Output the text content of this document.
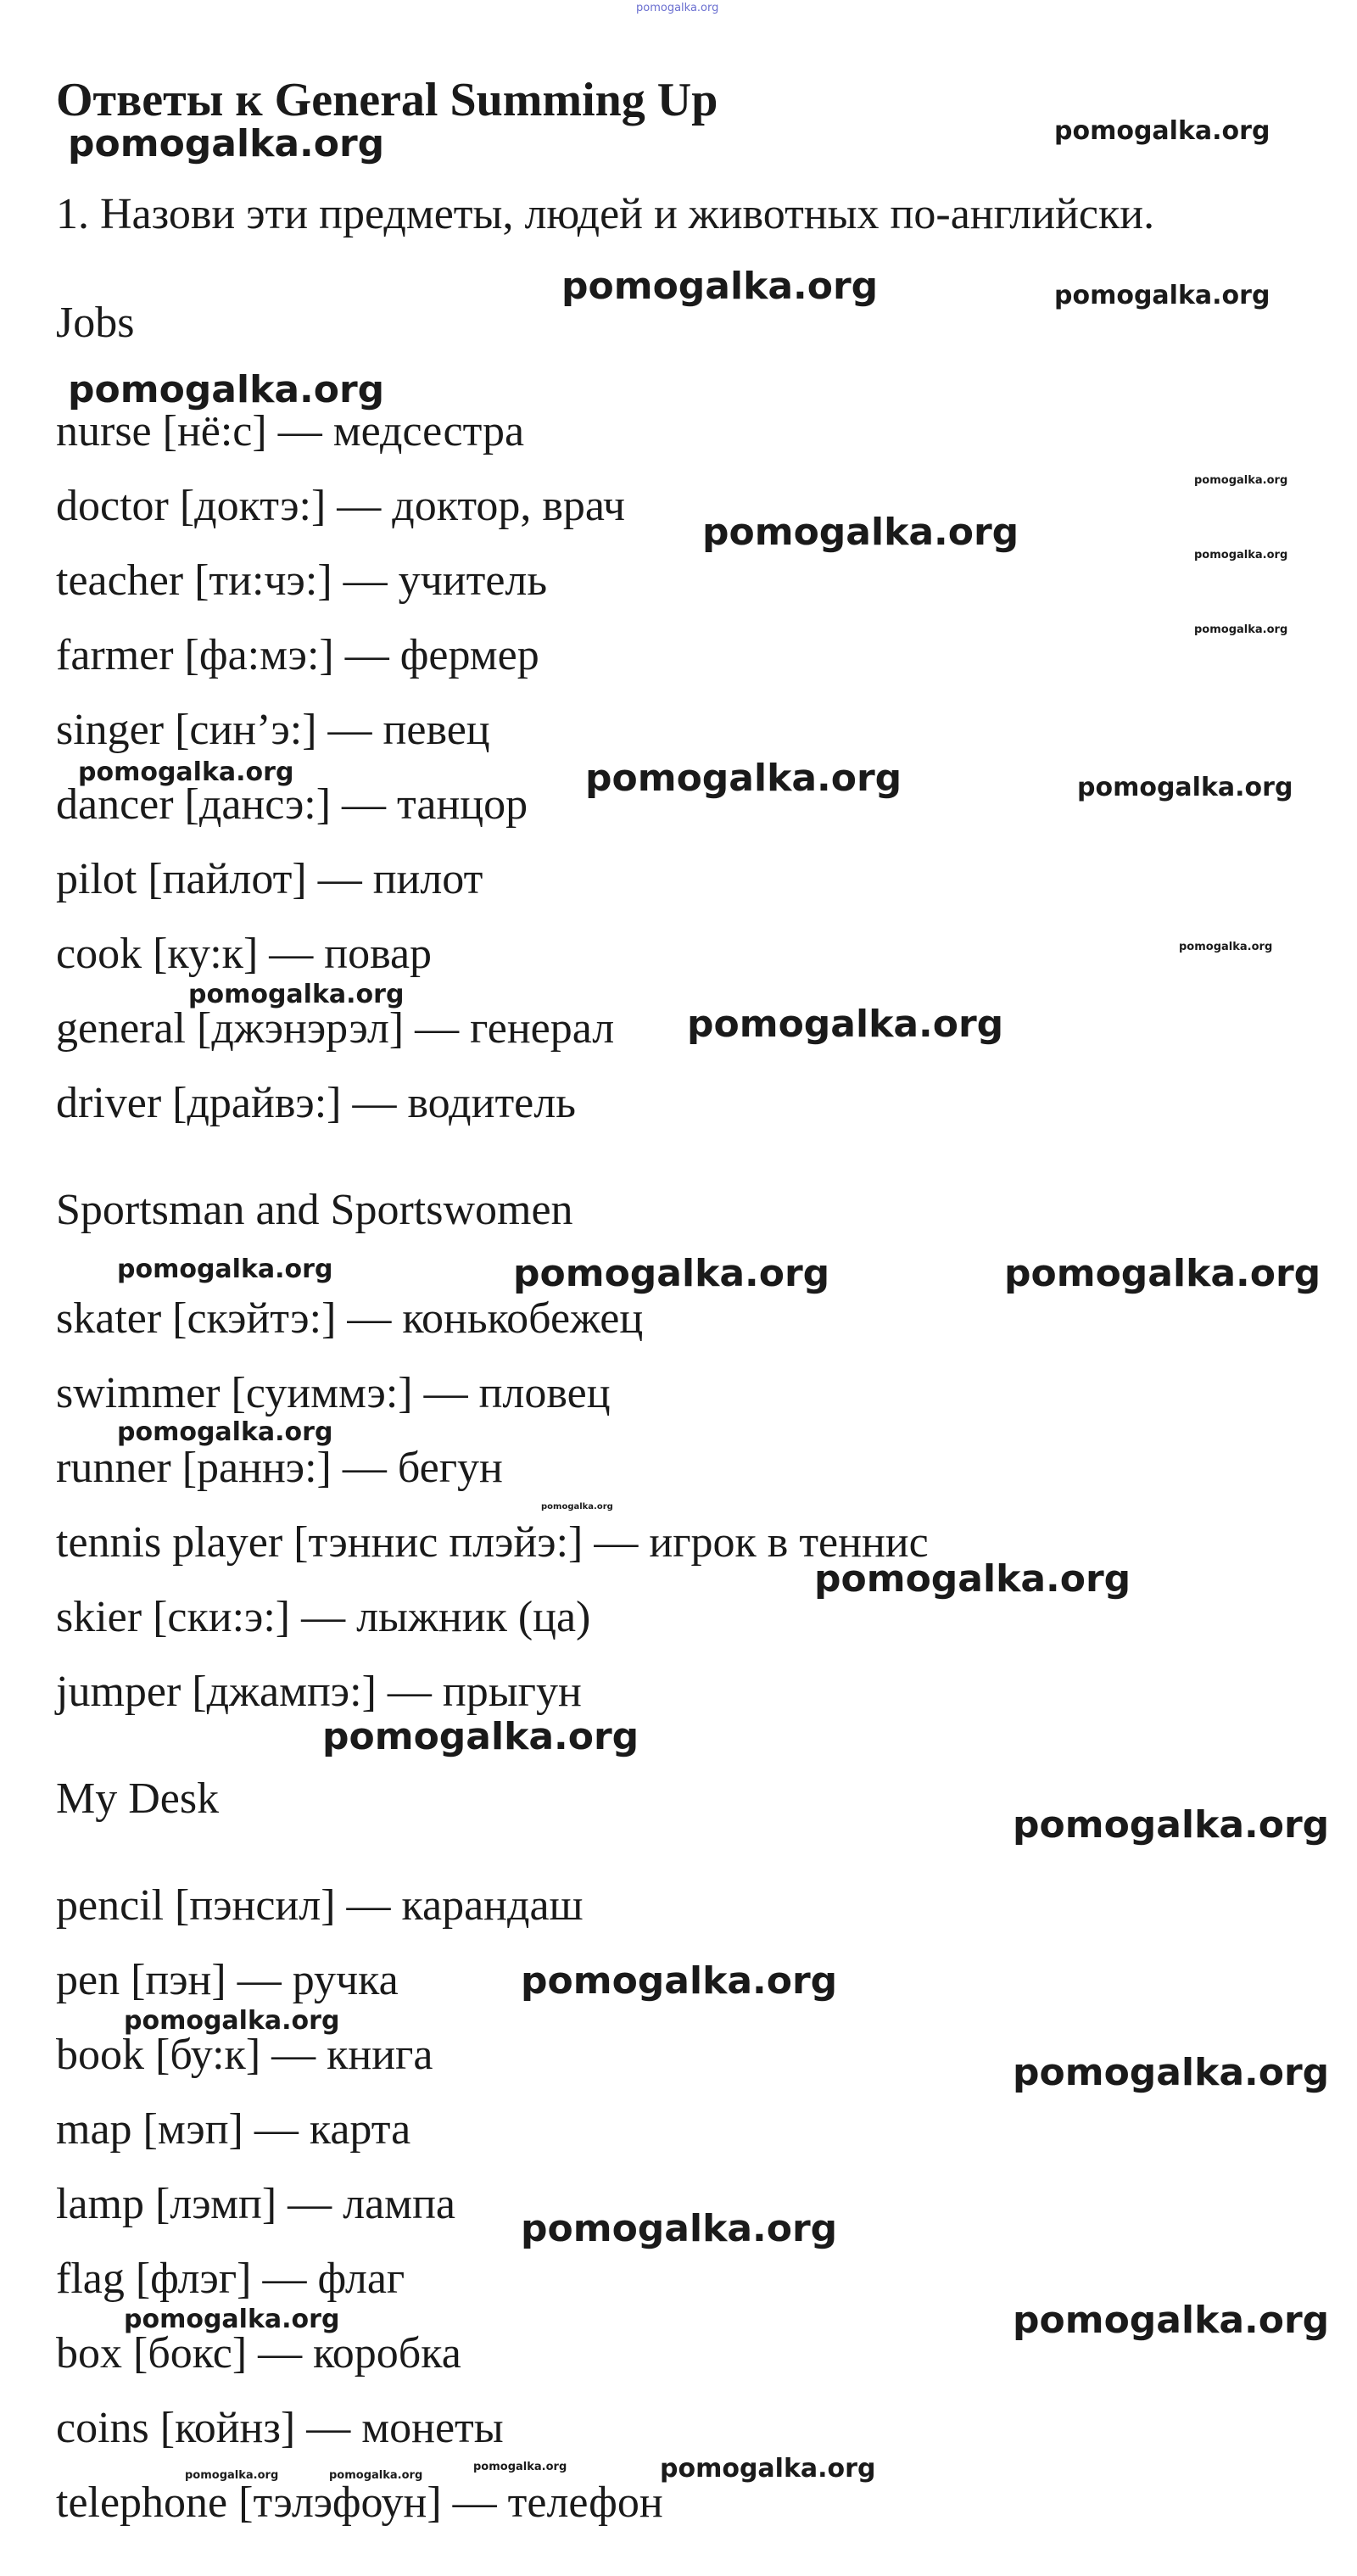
pomogalka.org
Ответы к General Summing Up
pomogalka.org
pomogalka.org
1. Назови эти предметы, людей и животных по-английски.
Jobs
pomogalka.org	pomogalka.org
pomogalka.org
nurse [нё:с] — медсестра
doctor [доктэ:] — доктор, врач
pomogalka.org
pomogalka.org
teacher [ти:чэ:] — учитель
pomogalka.org
farmer [фа:мэ:] — фермер
pomogalka.org
singer [син’э:] — певец
pomogalka.org	pomogalka.org	pomogalka.org
dancer [дансэ:] — танцор
pilot [пайлот] — пилот
cook [ку:к] — повар	pomogalka.org
pomogalka.org
general [джэнэрэл] — генерал pomogalka.org
driver [драйвэ:] — водитель
Sportsman and Sportswomen
pomogalka.org	pomogalka.org	pomogalka.org
skater [скэйтэ:] — конькобежец
swimmer [суиммэ:] — пловец
pomogalka.org
runner [раннэ:] — бегун
pomogalka.org
tennis player [тэннис плэйэ:] — игрок в теннис
pomogalka.org
skier [ски:э:] — лыжник (ца)
jumper [джампэ:] — прыгун
pomogalka.org
My Desk
pomogalka.org
pencil [пэнсил] — карандаш
pen [пэн] — ручка	pomogalka.org
pomogalka.org
book [бу:к] — книга	pomogalka.org
map [мэп] — карта
lamp [лэмп] — лампа
pomogalka.org
flag [флэг] — флаг
pomogalka.org	pomogalka.org
box [бокс] — коробка
coins [койнз] — монеты
pomogalka.org	pomogalka.org
pomogalka.org	pomogalka.org
telephone [тэлэфоун] — телефон
